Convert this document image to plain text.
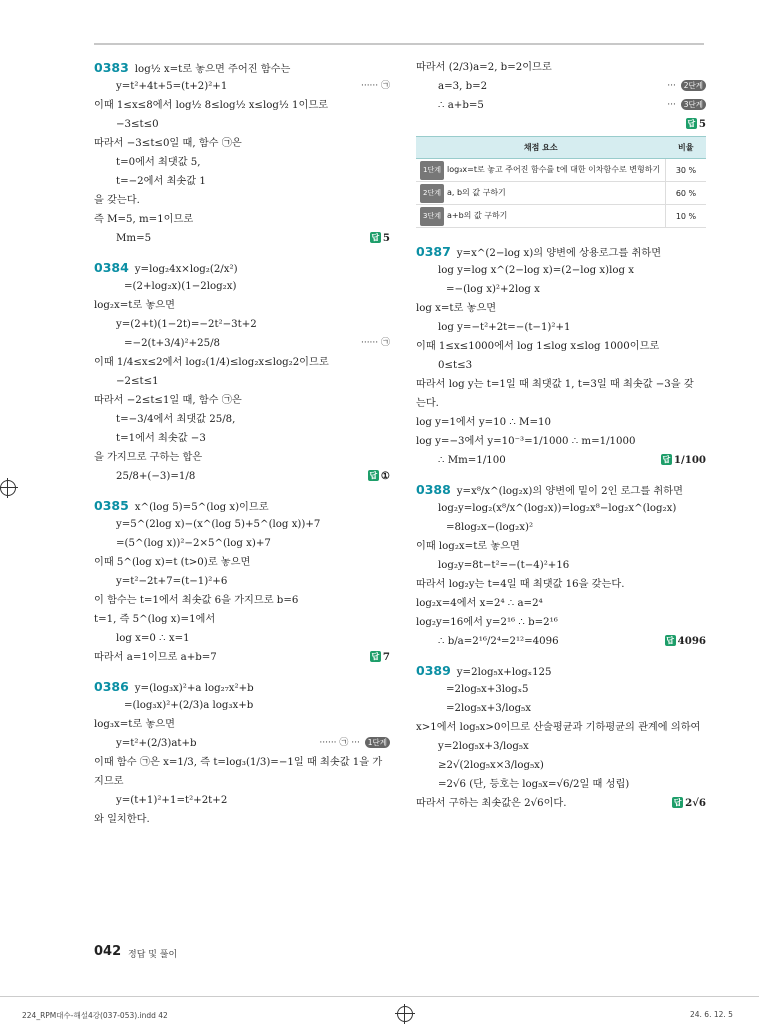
0383 log½ x=t로 놓으면 주어진 함수는
y=t²+4t+5=(t+2)²+1	······ ㉠
이때 1≤x≤8에서 log½ 8≤log½ x≤log½ 1이므로
−3≤t≤0
따라서 −3≤t≤0일 때, 함수 ㉠은
t=0에서 최댓값 5,
t=−2에서 최솟값 1
을 갖는다.
즉 M=5, m=1이므로
Mm=5	답 5
0384 y=log₂4x×log₂(2/x²)
=(2+log₂x)(1−2log₂x)
log₂x=t로 놓으면
y=(2+t)(1−2t)=−2t²−3t+2
=−2(t+3/4)²+25/8	······ ㉠
이때 1/4≤x≤2에서 log₂(1/4)≤log₂x≤log₂2이므로
−2≤t≤1
따라서 −2≤t≤1일 때, 함수 ㉠은
t=−3/4에서 최댓값 25/8,
t=1에서 최솟값 −3
을 가지므로 구하는 합은
25/8+(−3)=1/8	답 ①
0385 x^(log 5)=5^(log x)이므로
y=5^(2log x)−(x^(log 5)+5^(log x))+7
=(5^(log x))²−2×5^(log x)+7
이때 5^(log x)=t (t>0)로 놓으면
y=t²−2t+7=(t−1)²+6
이 함수는 t=1에서 최솟값 6을 가지므로 b=6
t=1, 즉 5^(log x)=1에서
log x=0 ∴ x=1
따라서 a=1이므로 a+b=7	답 7
0386 y=(log₃x)²+a log₂₇x²+b
=(log₃x)²+(2/3)a log₃x+b
log₃x=t로 놓으면
y=t²+(2/3)at+b	······ ㉠ ··· 1단계
이때 함수 ㉠은 x=1/3, 즉 t=log₃(1/3)=−1일 때 최솟값 1을 가
지므로
y=(t+1)²+1=t²+2t+2
와 일치한다.
따라서 (2/3)a=2, b=2이므로
a=3, b=2	··· 2단계
∴ a+b=5	··· 3단계
답 5
채점 요소	비율
1단계 log₃x=t로 놓고 주어진 함수를 t에 대한 이차함수로 변형하기	30 %
2단계 a, b의 값 구하기	60 %
3단계 a+b의 값 구하기	10 %
0387 y=x^(2−log x)의 양변에 상용로그를 취하면
log y=log x^(2−log x)=(2−log x)log x
=−(log x)²+2log x
log x=t로 놓으면
log y=−t²+2t=−(t−1)²+1
이때 1≤x≤1000에서 log 1≤log x≤log 1000이므로
0≤t≤3
따라서 log y는 t=1일 때 최댓값 1, t=3일 때 최솟값 −3을 갖
는다.
log y=1에서 y=10 ∴ M=10
log y=−3에서 y=10⁻³=1/1000 ∴ m=1/1000
∴ Mm=1/100	답 1/100
0388 y=x⁸/x^(log₂x)의 양변에 밑이 2인 로그를 취하면
log₂y=log₂(x⁸/x^(log₂x))=log₂x⁸−log₂x^(log₂x)
=8log₂x−(log₂x)²
이때 log₂x=t로 놓으면
log₂y=8t−t²=−(t−4)²+16
따라서 log₂y는 t=4일 때 최댓값 16을 갖는다.
log₂x=4에서 x=2⁴ ∴ a=2⁴
log₂y=16에서 y=2¹⁶ ∴ b=2¹⁶
∴ b/a=2¹⁶/2⁴=2¹²=4096	답 4096
0389 y=2log₅x+logₓ125
=2log₅x+3logₓ5
=2log₅x+3/log₅x
x>1에서 log₅x>0이므로 산술평균과 기하평균의 관계에 의하여
y=2log₅x+3/log₅x
≥2√(2log₅x×3/log₅x)
=2√6 (단, 등호는 log₅x=√6/2일 때 성립)
따라서 구하는 최솟값은 2√6이다.	답 2√6
042 정답 및 풀이
224_RPM대수-해설4강(037-053).indd 42	24. 6. 12. 5
